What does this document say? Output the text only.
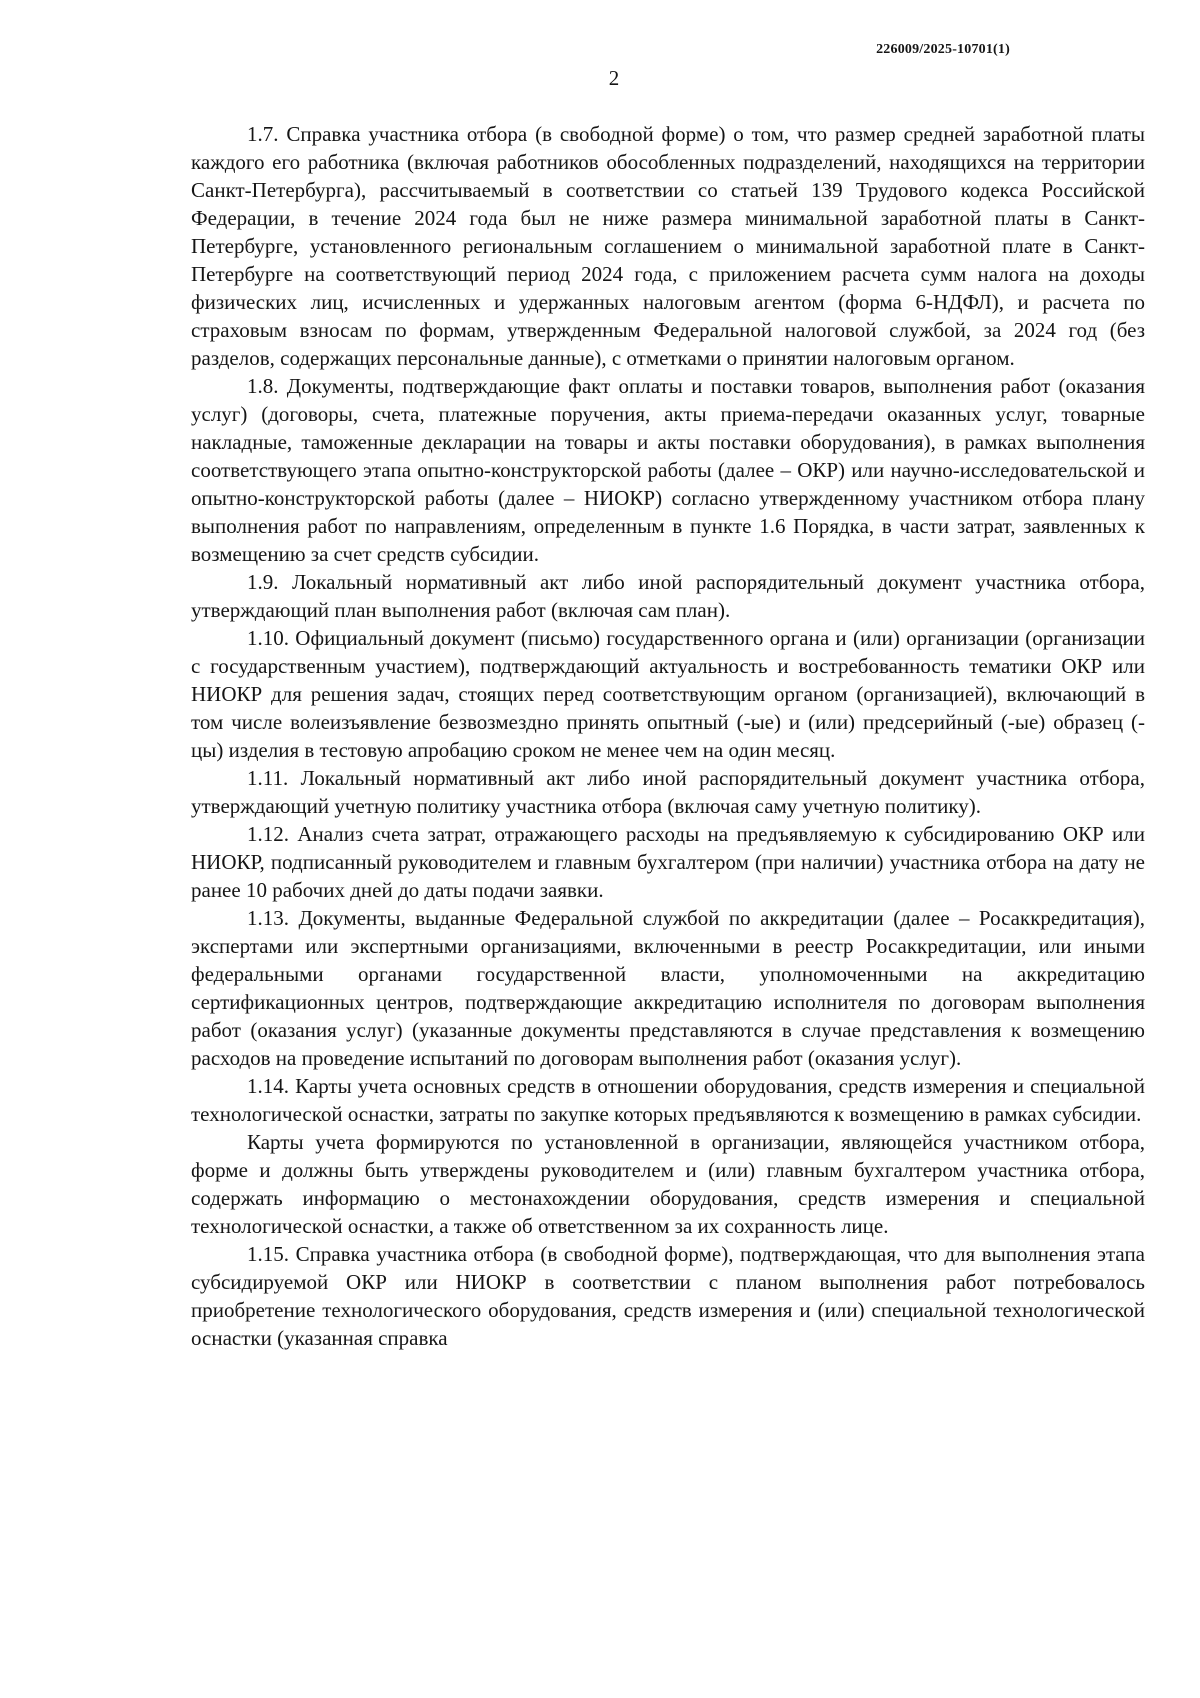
226009/2025-10701(1)
2

1.7. Справка участника отбора (в свободной форме) о том, что размер средней заработной платы каждого его работника (включая работников обособленных подразделений, находящихся на территории Санкт-Петербурга), рассчитываемый в соответствии со статьей 139 Трудового кодекса Российской Федерации, в течение 2024 года был не ниже размера минимальной заработной платы в Санкт-Петербурге, установленного региональным соглашением о минимальной заработной плате в Санкт-Петербурге на соответствующий период 2024 года, с приложением расчета сумм налога на доходы физических лиц, исчисленных и удержанных налоговым агентом (форма 6-НДФЛ), и расчета по страховым взносам по формам, утвержденным Федеральной налоговой службой, за 2024 год (без разделов, содержащих персональные данные), с отметками о принятии налоговым органом.

1.8. Документы, подтверждающие факт оплаты и поставки товаров, выполнения работ (оказания услуг) (договоры, счета, платежные поручения, акты приема-передачи оказанных услуг, товарные накладные, таможенные декларации на товары и акты поставки оборудования), в рамках выполнения соответствующего этапа опытно-конструкторской работы (далее – ОКР) или научно-исследовательской и опытно-конструкторской работы (далее – НИОКР) согласно утвержденному участником отбора плану выполнения работ по направлениям, определенным в пункте 1.6 Порядка, в части затрат, заявленных к возмещению за счет средств субсидии.

1.9. Локальный нормативный акт либо иной распорядительный документ участника отбора, утверждающий план выполнения работ (включая сам план).

1.10. Официальный документ (письмо) государственного органа и (или) организации (организации с государственным участием), подтверждающий актуальность и востребованность тематики ОКР или НИОКР для решения задач, стоящих перед соответствующим органом (организацией), включающий в том числе волеизъявление безвозмездно принять опытный (-ые) и (или) предсерийный (-ые) образец (-цы) изделия в тестовую апробацию сроком не менее чем на один месяц.

1.11. Локальный нормативный акт либо иной распорядительный документ участника отбора, утверждающий учетную политику участника отбора (включая саму учетную политику).

1.12. Анализ счета затрат, отражающего расходы на предъявляемую к субсидированию ОКР или НИОКР, подписанный руководителем и главным бухгалтером (при наличии) участника отбора на дату не ранее 10 рабочих дней до даты подачи заявки.

1.13. Документы, выданные Федеральной службой по аккредитации (далее – Росаккредитация), экспертами или экспертными организациями, включенными в реестр Росаккредитации, или иными федеральными органами государственной власти, уполномоченными на аккредитацию сертификационных центров, подтверждающие аккредитацию исполнителя по договорам выполнения работ (оказания услуг) (указанные документы представляются в случае представления к возмещению расходов на проведение испытаний по договорам выполнения работ (оказания услуг).

1.14. Карты учета основных средств в отношении оборудования, средств измерения и специальной технологической оснастки, затраты по закупке которых предъявляются к возмещению в рамках субсидии.

Карты учета формируются по установленной в организации, являющейся участником отбора, форме и должны быть утверждены руководителем и (или) главным бухгалтером участника отбора, содержать информацию о местонахождении оборудования, средств измерения и специальной технологической оснастки, а также об ответственном за их сохранность лице.

1.15. Справка участника отбора (в свободной форме), подтверждающая, что для выполнения этапа субсидируемой ОКР или НИОКР в соответствии с планом выполнения работ потребовалось приобретение технологического оборудования, средств измерения и (или) специальной технологической оснастки (указанная справка
